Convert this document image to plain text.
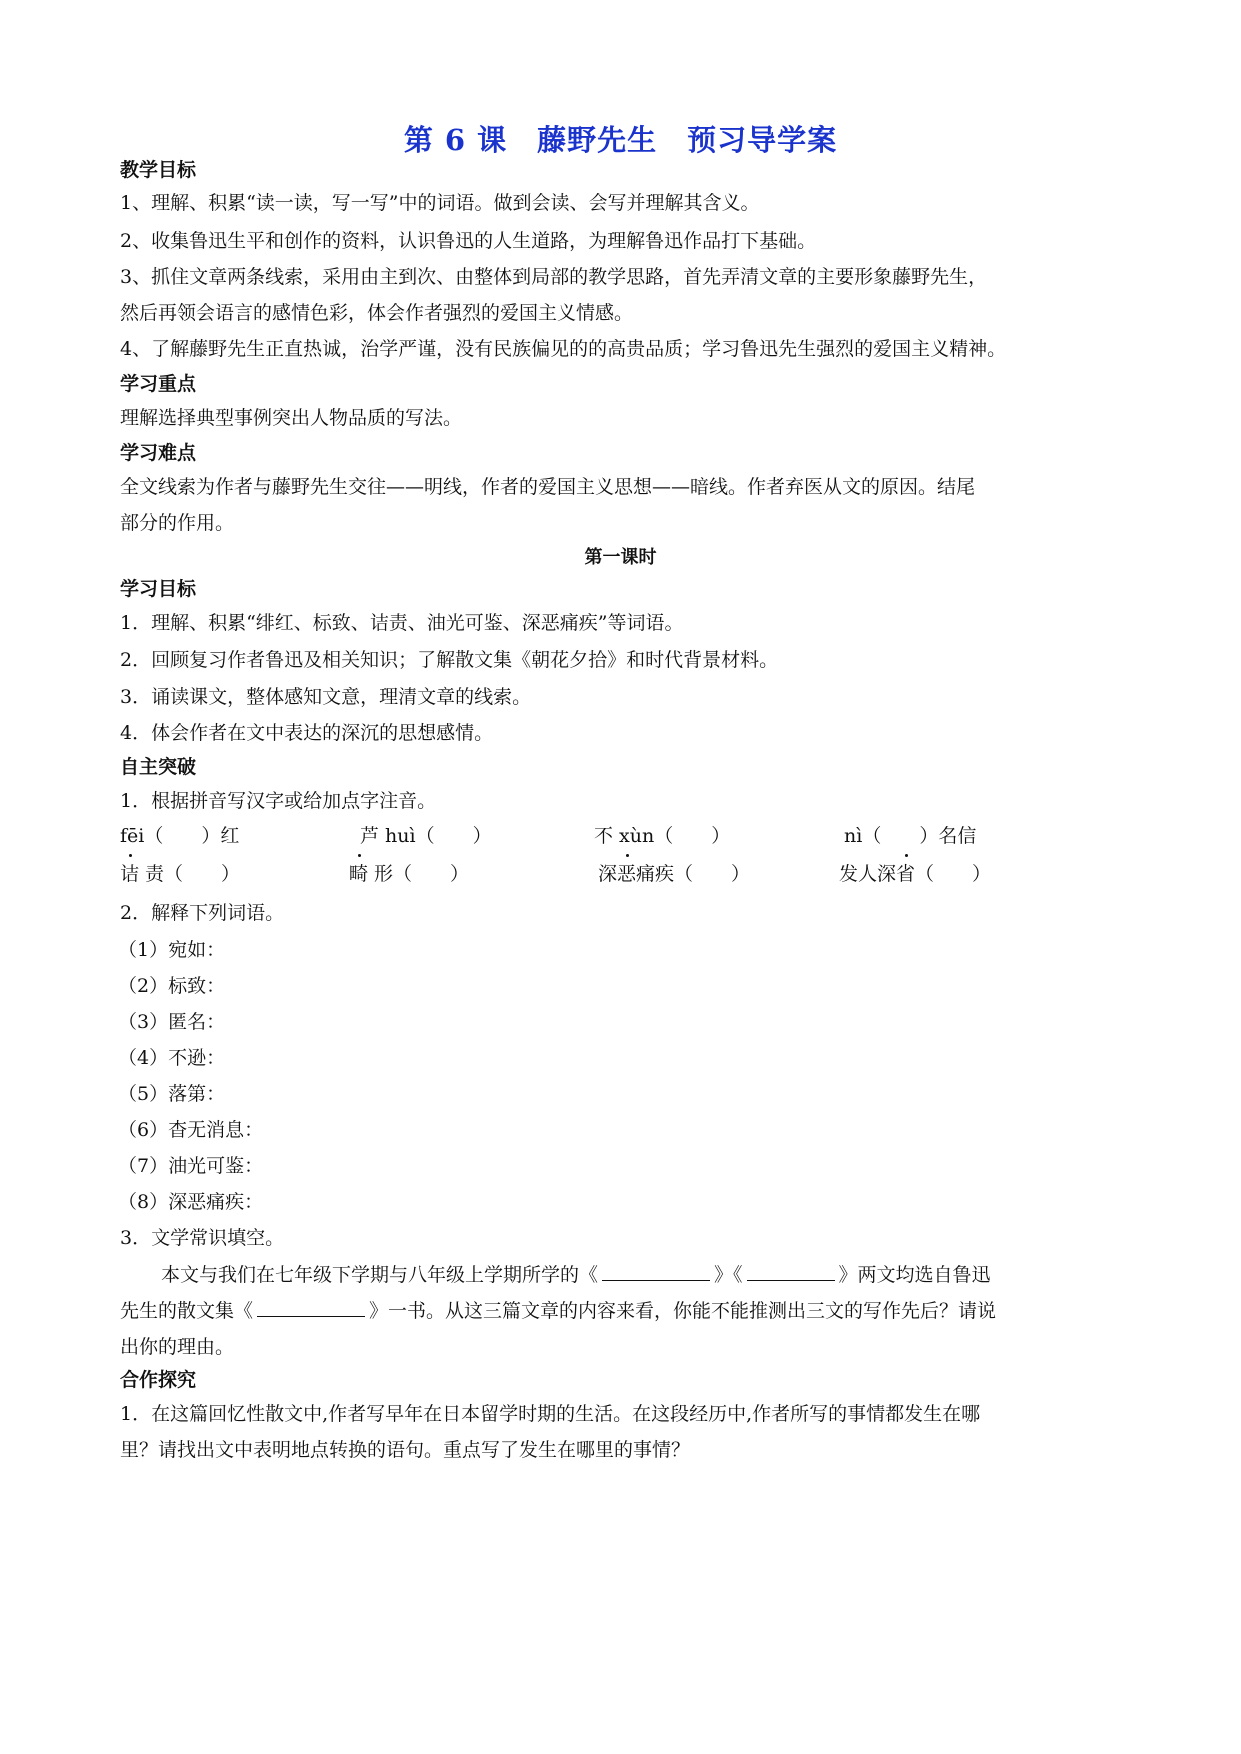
第 6 课　藤野先生　预习导学案
教学目标
1、理解、积累“读一读，写一写”中的词语。做到会读、会写并理解其含义。
2、收集鲁迅生平和创作的资料，认识鲁迅的人生道路，为理解鲁迅作品打下基础。
3、抓住文章两条线索，采用由主到次、由整体到局部的教学思路，首先弄清文章的主要形象藤野先生，
然后再领会语言的感情色彩，体会作者强烈的爱国主义情感。
4、了解藤野先生正直热诚，治学严谨，没有民族偏见的的高贵品质；学习鲁迅先生强烈的爱国主义精神。
学习重点
理解选择典型事例突出人物品质的写法。
学习难点
全文线索为作者与藤野先生交往——明线，作者的爱国主义思想——暗线。作者弃医从文的原因。结尾
部分的作用。
第一课时
学习目标
1．理解、积累“绯红、标致、诘责、油光可鉴、深恶痛疾”等词语。
2．回顾复习作者鲁迅及相关知识；了解散文集《朝花夕拾》和时代背景材料。
3．诵读课文，整体感知文意，理清文章的线索。
4．体会作者在文中表达的深沉的思想感情。
自主突破
1．根据拼音写汉字或给加点字注音。
fēi（　　）红	芦 huì（　　）	不 xùn（　　）	nì（　　）名信
诘 责（　　）	畸 形（　　）	深恶痛疾（　　）	发人深省（　　）
2．解释下列词语。
（1）宛如：
（2）标致：
（3）匿名：
（4）不逊：
（5）落第：
（6）杳无消息：
（7）油光可鉴：
（8）深恶痛疾：
3．文学常识填空。
本文与我们在七年级下学期与八年级上学期所学的《	》《	》两文均选自鲁迅
先生的散文集《	》一书。从这三篇文章的内容来看，你能不能推测出三文的写作先后？请说
出你的理由。
合作探究
1．在这篇回忆性散文中,作者写早年在日本留学时期的生活。在这段经历中,作者所写的事情都发生在哪
里？请找出文中表明地点转换的语句。重点写了发生在哪里的事情？
